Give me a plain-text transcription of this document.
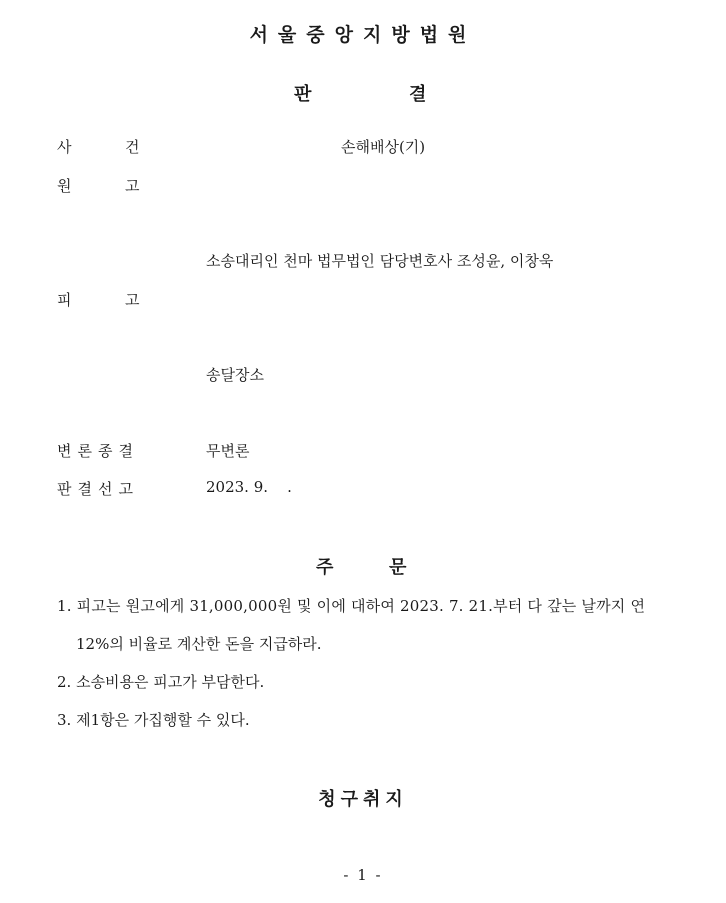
서울중앙지방법원
판	결
사	건	손해배상(기)
원	고
소송대리인 천마 법무법인 담당변호사 조성윤, 이창욱
피	고
송달장소
변론종결	무변론
판결선고	2023. 9.    .
주	문
1. 피고는 원고에게 31,000,000원 및 이에 대하여 2023. 7. 21.부터 다 갚는 날까지 연
12%의 비율로 계산한 돈을 지급하라.
2. 소송비용은 피고가 부담한다.
3. 제1항은 가집행할 수 있다.
청구취지
- 1 -
